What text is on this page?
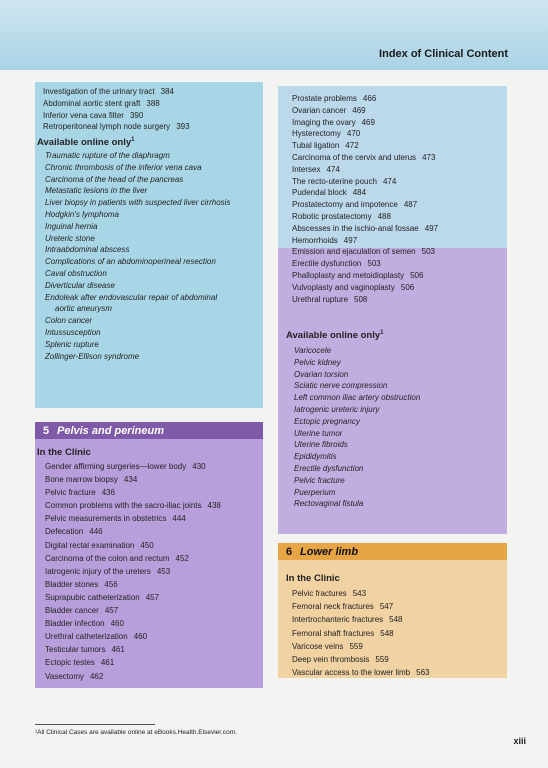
Index of Clinical Content
Investigation of the urinary tract 384
Abdominal aortic stent graft 388
Inferior vena cava filter 390
Retroperitoneal lymph node surgery 393
Available online only$^1$
Traumatic rupture of the diaphragm
Chronic thrombosis of the inferior vena cava
Carcinoma of the head of the pancreas
Metastatic lesions in the liver
Liver biopsy in patients with suspected liver cirrhosis
Hodgkin's lymphoma
Inguinal hernia
Ureteric stone
Intraabdominal abscess
Complications of an abdominoperineal resection
Caval obstruction
Diverticular disease
Endoleak after endovascular repair of abdominal
aortic aneurysm
Colon cancer
Intussusception
Splenic rupture
Zollinger-Ellison syndrome
5 Pelvis and perineum
In the Clinic
Gender affirming surgeries—lower body 430
Bone marrow biopsy 434
Pelvic fracture 436
Common problems with the sacro-iliac joints 438
Pelvic measurements in obstetrics 444
Defecation 446
Digital rectal examination 450
Carcinoma of the colon and rectum 452
Iatrogenic injury of the ureters 453
Bladder stones 456
Suprapubic catheterization 457
Bladder cancer 457
Bladder infection 460
Urethral catheterization 460
Testicular tumors 461
Ectopic testes 461
Vasectomy 462
Prostate problems 466
Ovarian cancer 469
Imaging the ovary 469
Hysterectomy 470
Tubal ligation 472
Carcinoma of the cervix and uterus 473
Intersex 474
The recto-uterine pouch 474
Pudendal block 484
Prostatectomy and impotence 487
Robotic prostatectomy 488
Abscesses in the ischio-anal fossae 497
Hemorrhoids 497
Emission and ejaculation of semen 503
Erectile dysfunction 503
Phalloplasty and metoidioplasty 506
Vulvoplasty and vaginoplasty 506
Urethral rupture 508
Available online only$^1$
Varicocele
Pelvic kidney
Ovarian torsion
Sciatic nerve compression
Left common iliac artery obstruction
Iatrogenic ureteric injury
Ectopic pregnancy
Uterine tumor
Uterine fibroids
Epididymitis
Erectile dysfunction
Pelvic fracture
Puerperium
Rectovaginal fistula
6 Lower limb
In the Clinic
Pelvic fractures 543
Femoral neck fractures 547
Intertrochanteric fractures 548
Femoral shaft fractures 548
Varicose veins 559
Deep vein thrombosis 559
Vascular access to the lower limb 563
xiii
¹All Clinical Cases are available online at eBooks.Health.Elsevier.com.
